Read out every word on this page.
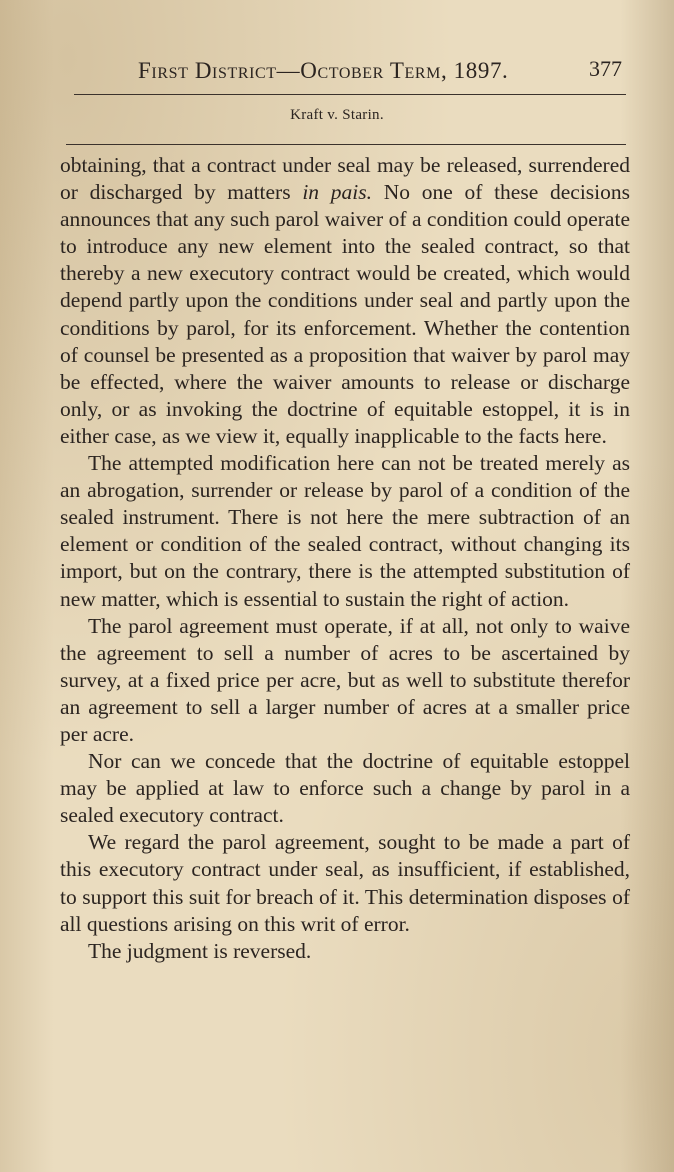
First District—October Term, 1897.	377
Kraft v. Starin.

obtaining, that a contract under seal may be released, surrendered or discharged by matters in pais. No one of these decisions announces that any such parol waiver of a condition could operate to introduce any new element into the sealed contract, so that thereby a new executory contract would be created, which would depend partly upon the conditions under seal and partly upon the conditions by parol, for its enforcement. Whether the contention of counsel be presented as a proposition that waiver by parol may be effected, where the waiver amounts to release or discharge only, or as invoking the doctrine of equitable estoppel, it is in either case, as we view it, equally inapplicable to the facts here.

The attempted modification here can not be treated merely as an abrogation, surrender or release by parol of a condition of the sealed instrument. There is not here the mere subtraction of an element or condition of the sealed contract, without changing its import, but on the contrary, there is the attempted substitution of new matter, which is essential to sustain the right of action.

The parol agreement must operate, if at all, not only to waive the agreement to sell a number of acres to be ascertained by survey, at a fixed price per acre, but as well to substitute therefor an agreement to sell a larger number of acres at a smaller price per acre.

Nor can we concede that the doctrine of equitable estoppel may be applied at law to enforce such a change by parol in a sealed executory contract.

We regard the parol agreement, sought to be made a part of this executory contract under seal, as insufficient, if established, to support this suit for breach of it. This determination disposes of all questions arising on this writ of error.

The judgment is reversed.
